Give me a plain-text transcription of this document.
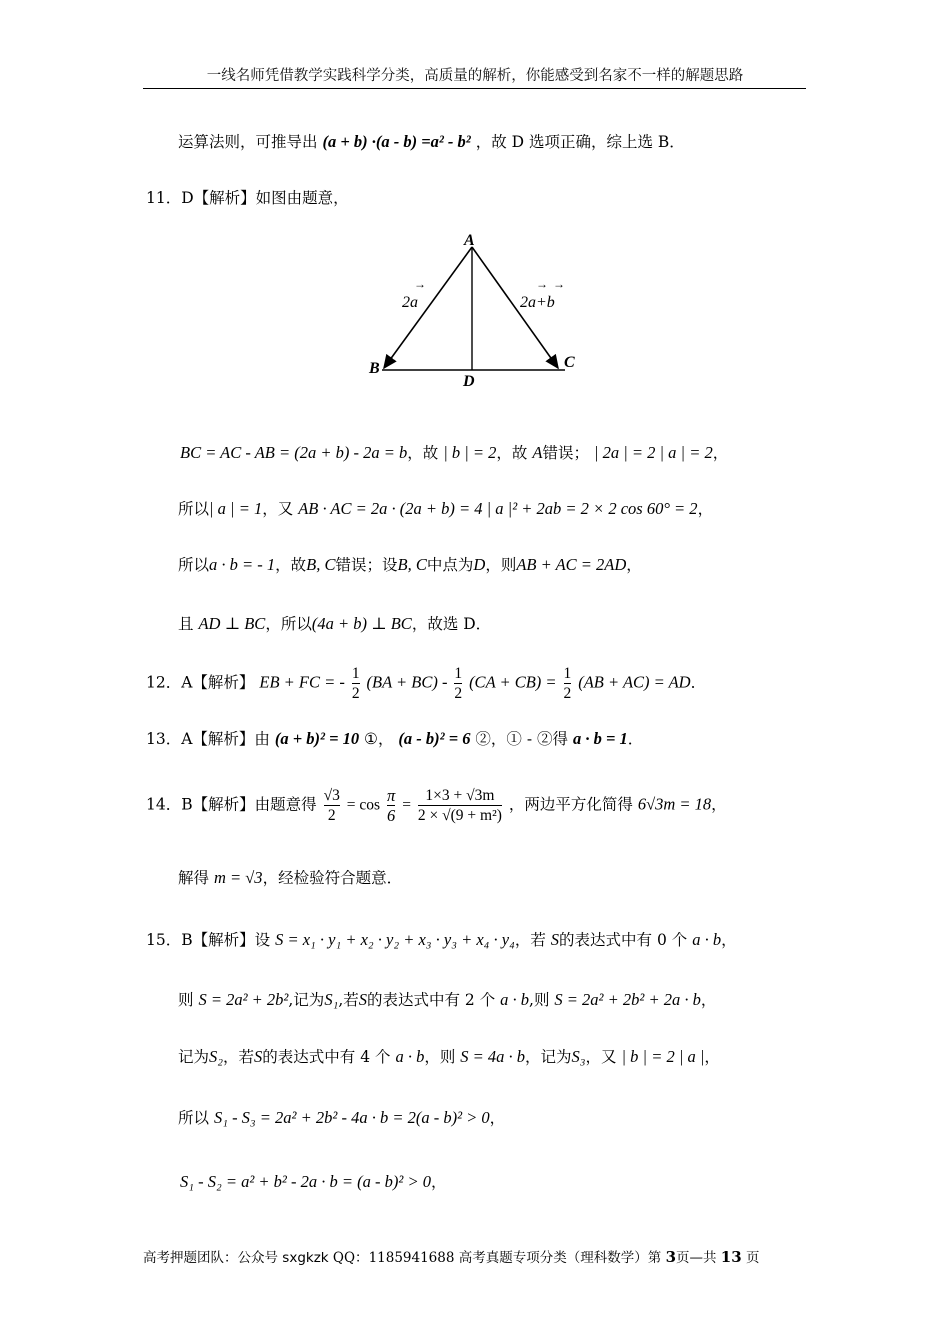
一线名师凭借教学实践科学分类，高质量的解析，你能感受到名家不一样的解题思路
运算法则，可推导出 (a + b) ·(a - b) =a² - b² ，故 D 选项正确，综上选 B．
11．D【解析】如图由题意，
A
B	C
D
→
2a
→ →
2a+b
BC = AC - AB = (2a + b) - 2a = b，故 | b | = 2，故 A错误； | 2a | = 2 | a | = 2，
所以| a | = 1，又 AB · AC = 2a · (2a + b) = 4 | a |² + 2ab = 2 × 2 cos 60° = 2，
所以a · b = - 1，故B, C错误；设B, C中点为D，则AB + AC = 2AD，
且 AD ⊥ BC，所以(4a + b) ⊥ BC，故选 D．
12．A【解析】 EB + FC = - $\frac{1}{2} (BA + BC) - \frac{1}{2} (CA + CB) = \frac{1}{2} (AB + AC)$ = AD．
13．A【解析】由 (a + b)² = 10 ①， (a - b)² = 6 ②，① - ②得 a · b = 1．
14．B【解析】由题意得 $\frac{√3}{2} = \cos \frac{\pi}{6} = \frac{1\times 3 + √3m}{\text{2 × √(9 + m²)}}$ ，两边平方化简得 6√3m = 18，
解得 m = √3，经检验符合题意．
15．B【解析】设 S = x₁ · y₁ + x₂ · y₂ + x₃ · y₃ + x₄ · y₄，若 S的表达式中有 0 个 a · b，
则 S = 2a² + 2b²,记为S₁,若S的表达式中有 2 个 a · b,则 S = 2a² + 2b² + 2a · b，
记为S₂，若S的表达式中有 4 个 a · b，则 S = 4a · b，记为S₃，又 | b | = 2 | a |，
所以 S₁ - S₃ = 2a² + 2b² - 4a · b = 2(a - b)² > 0，
S₁ - S₂ = a² + b² - 2a · b = (a - b)² > 0，
高考押题团队：公众号 sxgkzk QQ：1185941688 高考真题专项分类（理科数学）第 3页—共 13 页
